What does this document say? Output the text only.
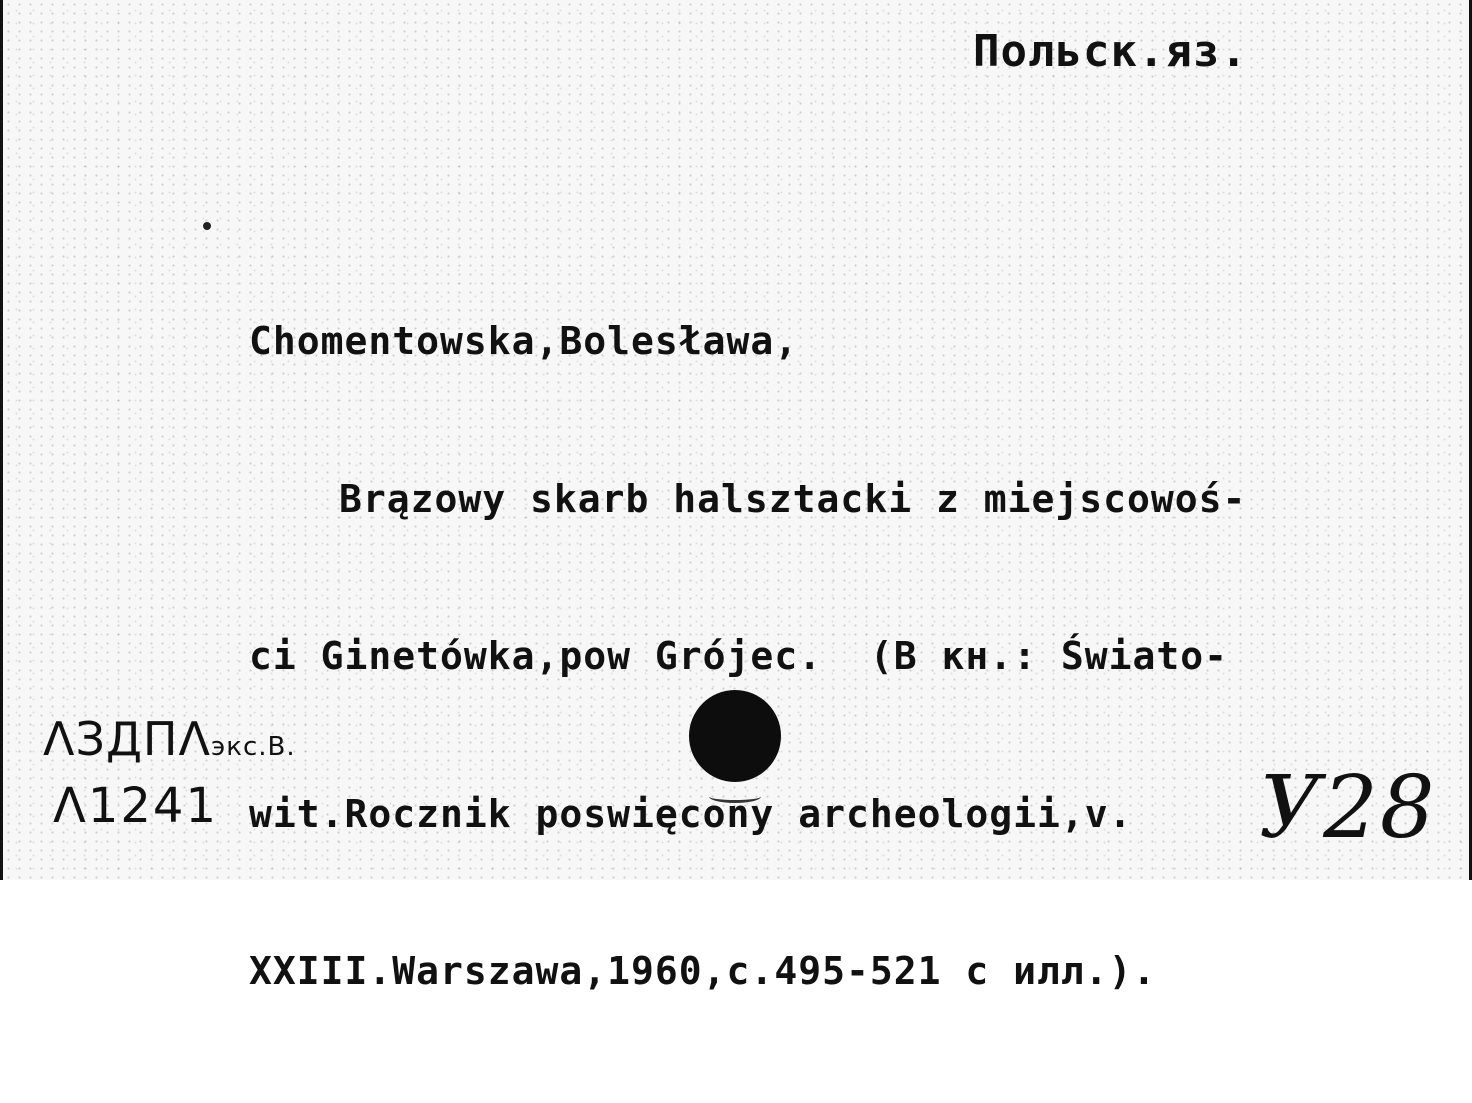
Польск.яз.

Chomentowska,Bolesława,

Brązowy skarb halsztacki z miejscowoś-

ci Ginetówka,pow Grójec.  (В кн.: Świato-

wit.Rocznik poswięcony archeologii,v.

XXIII.Warszawa,1960,c.495-521 с илл.).

ΛЗДПΛэкс.В.
Λ1241	У28
